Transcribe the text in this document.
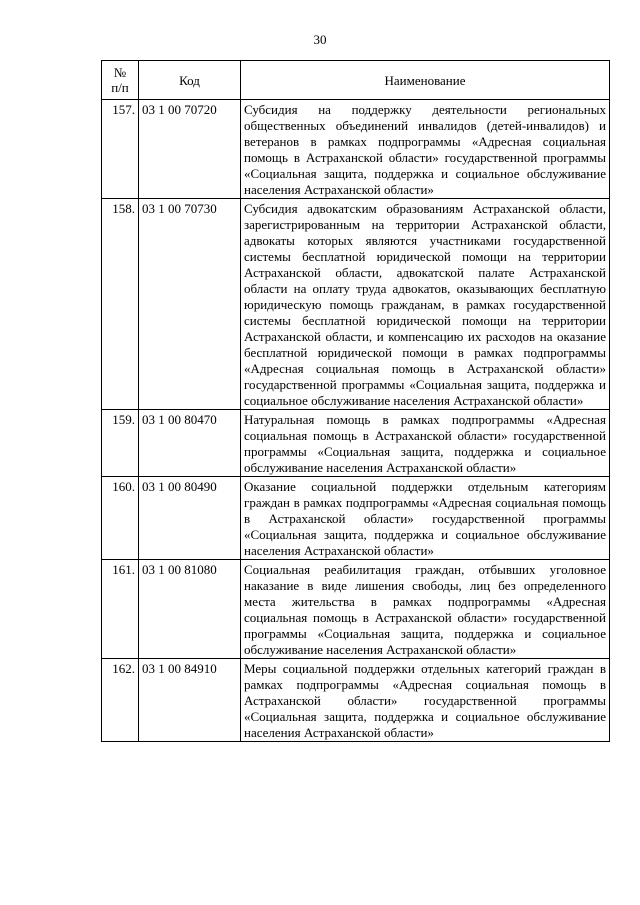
30
№
п/п	Код	Наименование
157.	03 1 00 70720	Субсидия на поддержку деятельности региональных общественных объединений инвалидов (детей-инвалидов) и ветеранов в рамках подпрограммы «Адресная социальная помощь в Астраханской области» государственной программы «Социальная защита, поддержка и социальное обслуживание населения Астраханской области»
158.	03 1 00 70730	Субсидия адвокатским образованиям Астраханской области, зарегистрированным на территории Астраханской области, адвокаты которых являются участниками государственной системы бесплатной юридической помощи на территории Астраханской области, адвокатской палате Астраханской области на оплату труда адвокатов, оказывающих бесплатную юридическую помощь гражданам, в рамках государственной системы бесплатной юридической помощи на территории Астраханской области, и компенсацию их расходов на оказание бесплатной юридической помощи в рамках подпрограммы «Адресная социальная помощь в Астраханской области» государственной программы «Социальная защита, поддержка и социальное обслуживание населения Астраханской области»
159.	03 1 00 80470	Натуральная помощь в рамках подпрограммы «Адресная социальная помощь в Астраханской области» государственной программы «Социальная защита, поддержка и социальное обслуживание населения Астраханской области»
160.	03 1 00 80490	Оказание социальной поддержки отдельным категориям граждан в рамках подпрограммы «Адресная социальная помощь в Астраханской области» государственной программы «Социальная защита, поддержка и социальное обслуживание населения Астраханской области»
161.	03 1 00 81080	Социальная реабилитация граждан, отбывших уголовное наказание в виде лишения свободы, лиц без определенного места жительства в рамках подпрограммы «Адресная социальная помощь в Астраханской области» государственной программы «Социальная защита, поддержка и социальное обслуживание населения Астраханской области»
162.	03 1 00 84910	Меры социальной поддержки отдельных категорий граждан в рамках подпрограммы «Адресная социальная помощь в Астраханской области» государственной программы «Социальная защита, поддержка и социальное обслуживание населения Астраханской области»
